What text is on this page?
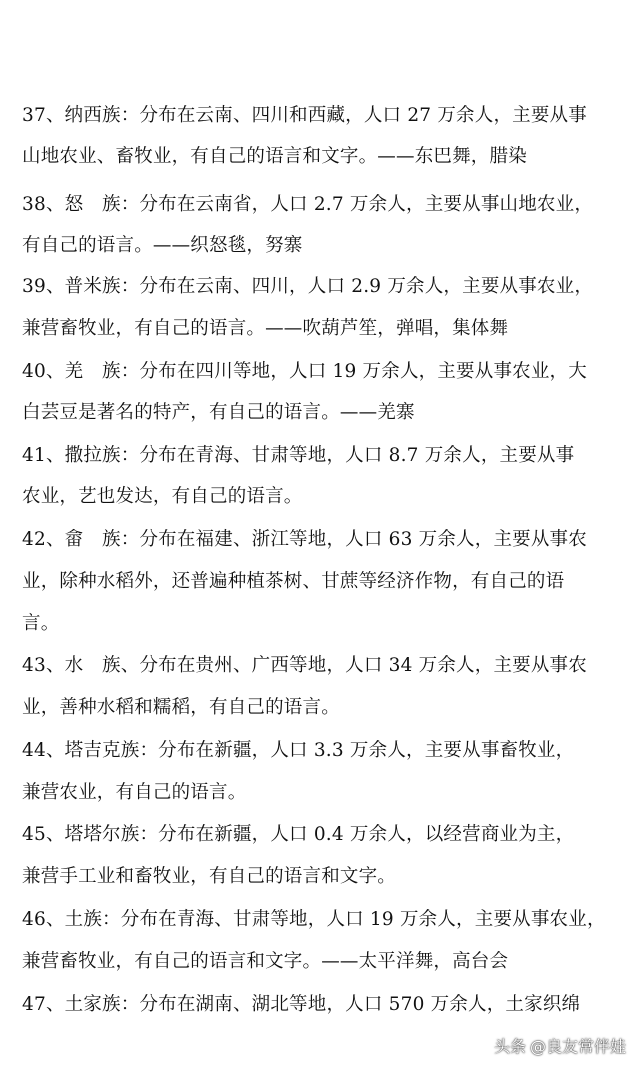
37、纳西族：分布在云南、四川和西藏，人口 27 万余人，主要从事
山地农业、畜牧业，有自己的语言和文字。——东巴舞，腊染
38、怒　族：分布在云南省，人口 2.7 万余人，主要从事山地农业，
有自己的语言。——织怒毯，努寨
39、普米族：分布在云南、四川，人口 2.9 万余人，主要从事农业，
兼营畜牧业，有自己的语言。——吹葫芦笙，弹唱，集体舞
40、羌　族：分布在四川等地，人口 19 万余人，主要从事农业，大
白芸豆是著名的特产，有自己的语言。——羌寨
41、撒拉族：分布在青海、甘肃等地，人口 8.7 万余人，主要从事
农业，艺也发达，有自己的语言。
42、畲　族：分布在福建、浙江等地，人口 63 万余人，主要从事农
业，除种水稻外，还普遍种植茶树、甘蔗等经济作物，有自己的语
言。
43、水　族、分布在贵州、广西等地，人口 34 万余人，主要从事农
业，善种水稻和糯稻，有自己的语言。
44、塔吉克族：分布在新疆，人口 3.3 万余人，主要从事畜牧业，
兼营农业，有自己的语言。
45、塔塔尔族：分布在新疆，人口 0.4 万余人，以经营商业为主，
兼营手工业和畜牧业，有自己的语言和文字。
46、土族：分布在青海、甘肃等地，人口 19 万余人，主要从事农业，
兼营畜牧业，有自己的语言和文字。——太平洋舞，高台会
47、土家族：分布在湖南、湖北等地，人口 570 万余人，土家织绵
头条 @良友常伴娃
